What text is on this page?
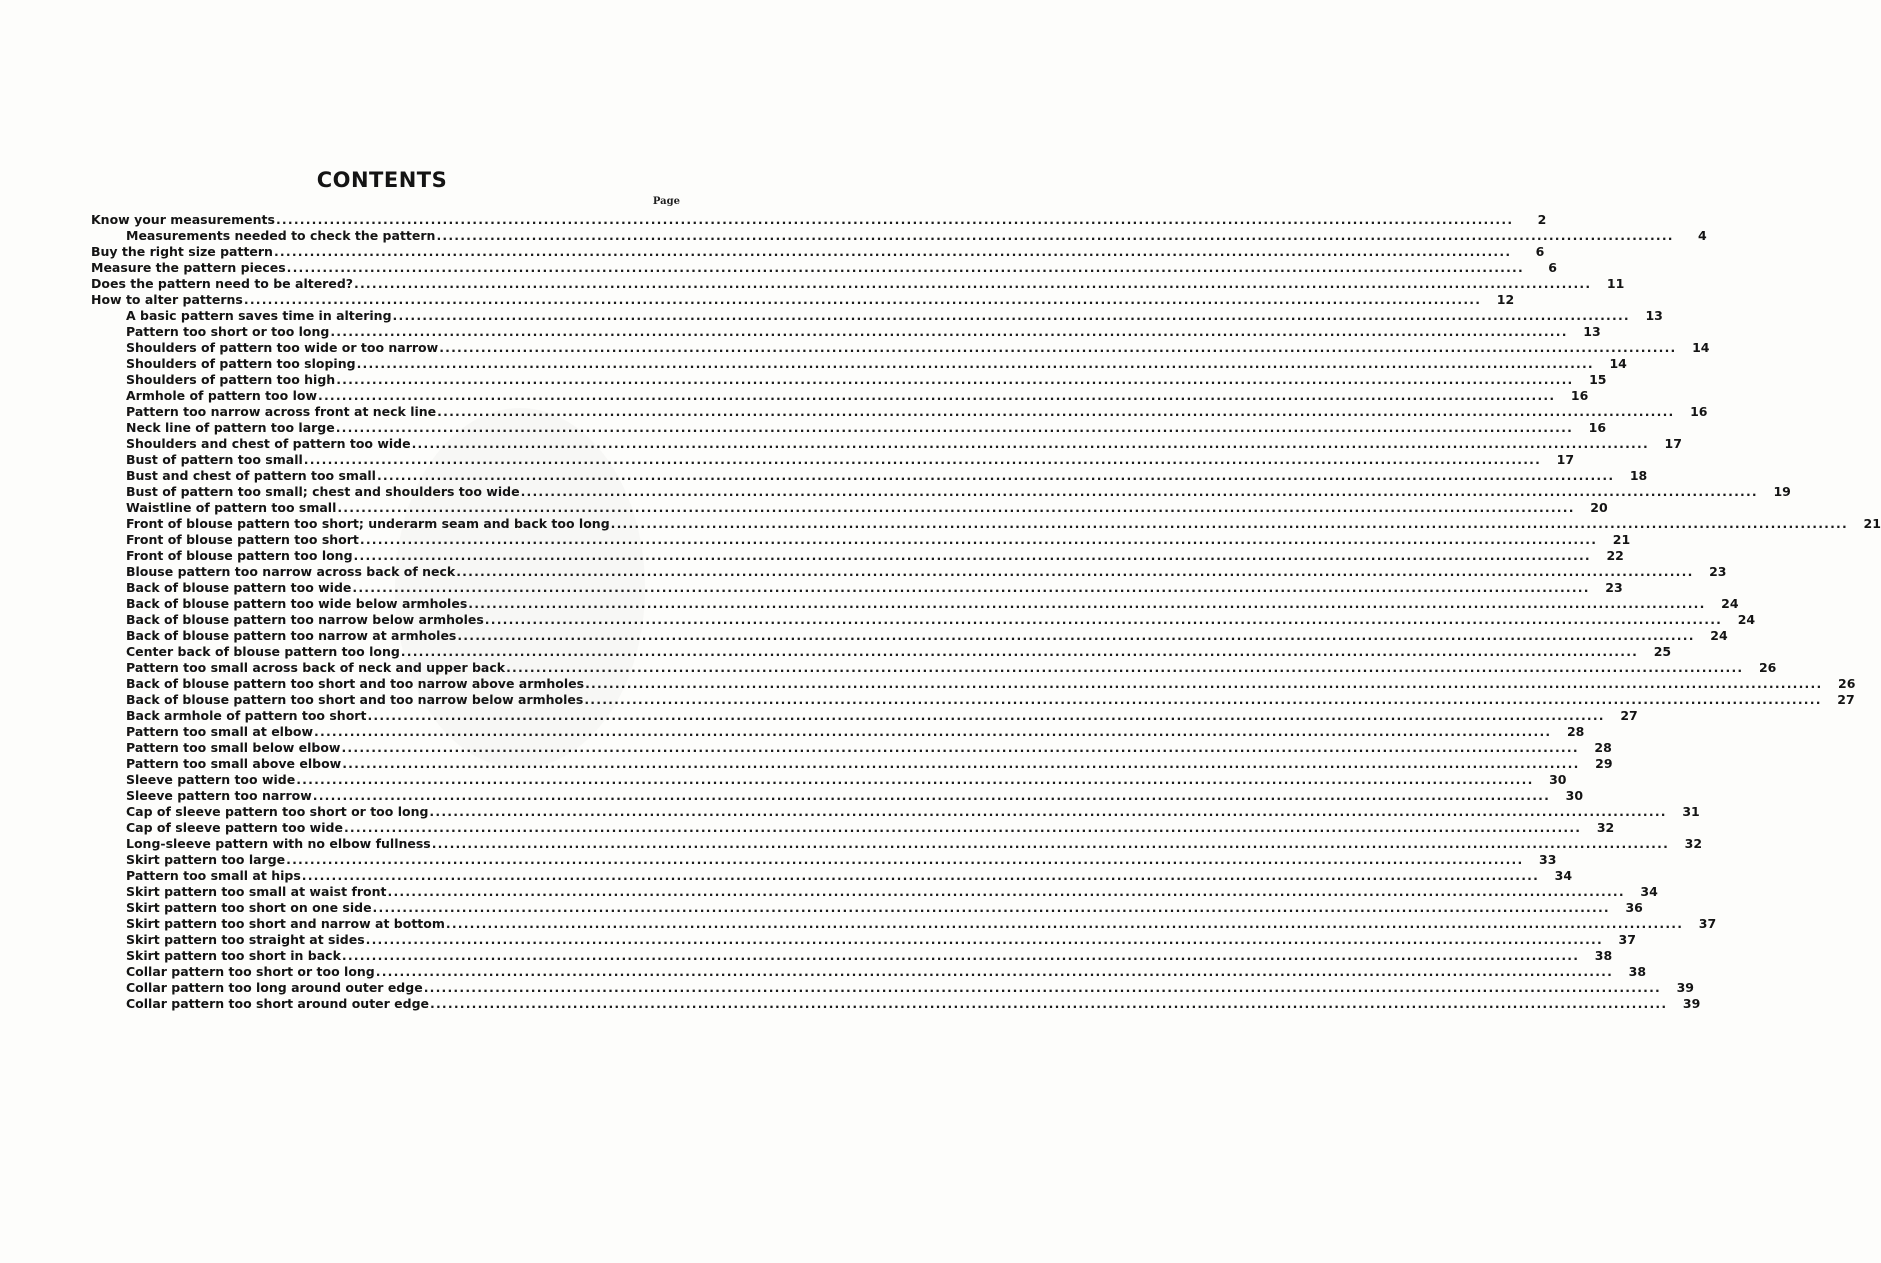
CONTENTS
Page
Know your measurements .....	2
Measurements needed to check the pattern .....	4
Buy the right size pattern .....	6
Measure the pattern pieces .....	6
Does the pattern need to be altered? .....	11
How to alter patterns .....	12
A basic pattern saves time in altering .....	13
Pattern too short or too long .....	13
Shoulders of pattern too wide or too narrow .....	14
Shoulders of pattern too sloping .....	14
Shoulders of pattern too high .....	15
Armhole of pattern too low .....	16
Pattern too narrow across front at neck line .....	16
Neck line of pattern too large .....	16
Shoulders and chest of pattern too wide .....	17
Bust of pattern too small .....	17
Bust and chest of pattern too small .....	18
Bust of pattern too small; chest and shoulders too wide .....	19
Waistline of pattern too small .....	20
Front of blouse pattern too short; underarm seam and back too long .....	21
Front of blouse pattern too short .....	21
Front of blouse pattern too long .....	22
Blouse pattern too narrow across back of neck .....	23
Back of blouse pattern too wide .....	23
Back of blouse pattern too wide below armholes .....	24
Back of blouse pattern too narrow below armholes .....	24
Back of blouse pattern too narrow at armholes .....	24
Center back of blouse pattern too long .....	25
Pattern too small across back of neck and upper back .....	26
Back of blouse pattern too short and too narrow above armholes .....	26
Back of blouse pattern too short and too narrow below armholes .....	27
Back armhole of pattern too short .....	27
Pattern too small at elbow .....	28
Pattern too small below elbow .....	28
Pattern too small above elbow .....	29
Sleeve pattern too wide .....	30
Sleeve pattern too narrow .....	30
Cap of sleeve pattern too short or too long .....	31
Cap of sleeve pattern too wide .....	32
Long-sleeve pattern with no elbow fullness .....	32
Skirt pattern too large .....	33
Pattern too small at hips .....	34
Skirt pattern too small at waist front .....	34
Skirt pattern too short on one side .....	36
Skirt pattern too short and narrow at bottom .....	37
Skirt pattern too straight at sides .....	37
Skirt pattern too short in back .....	38
Collar pattern too short or too long .....	38
Collar pattern too long around outer edge .....	39
Collar pattern too short around outer edge .....	39
